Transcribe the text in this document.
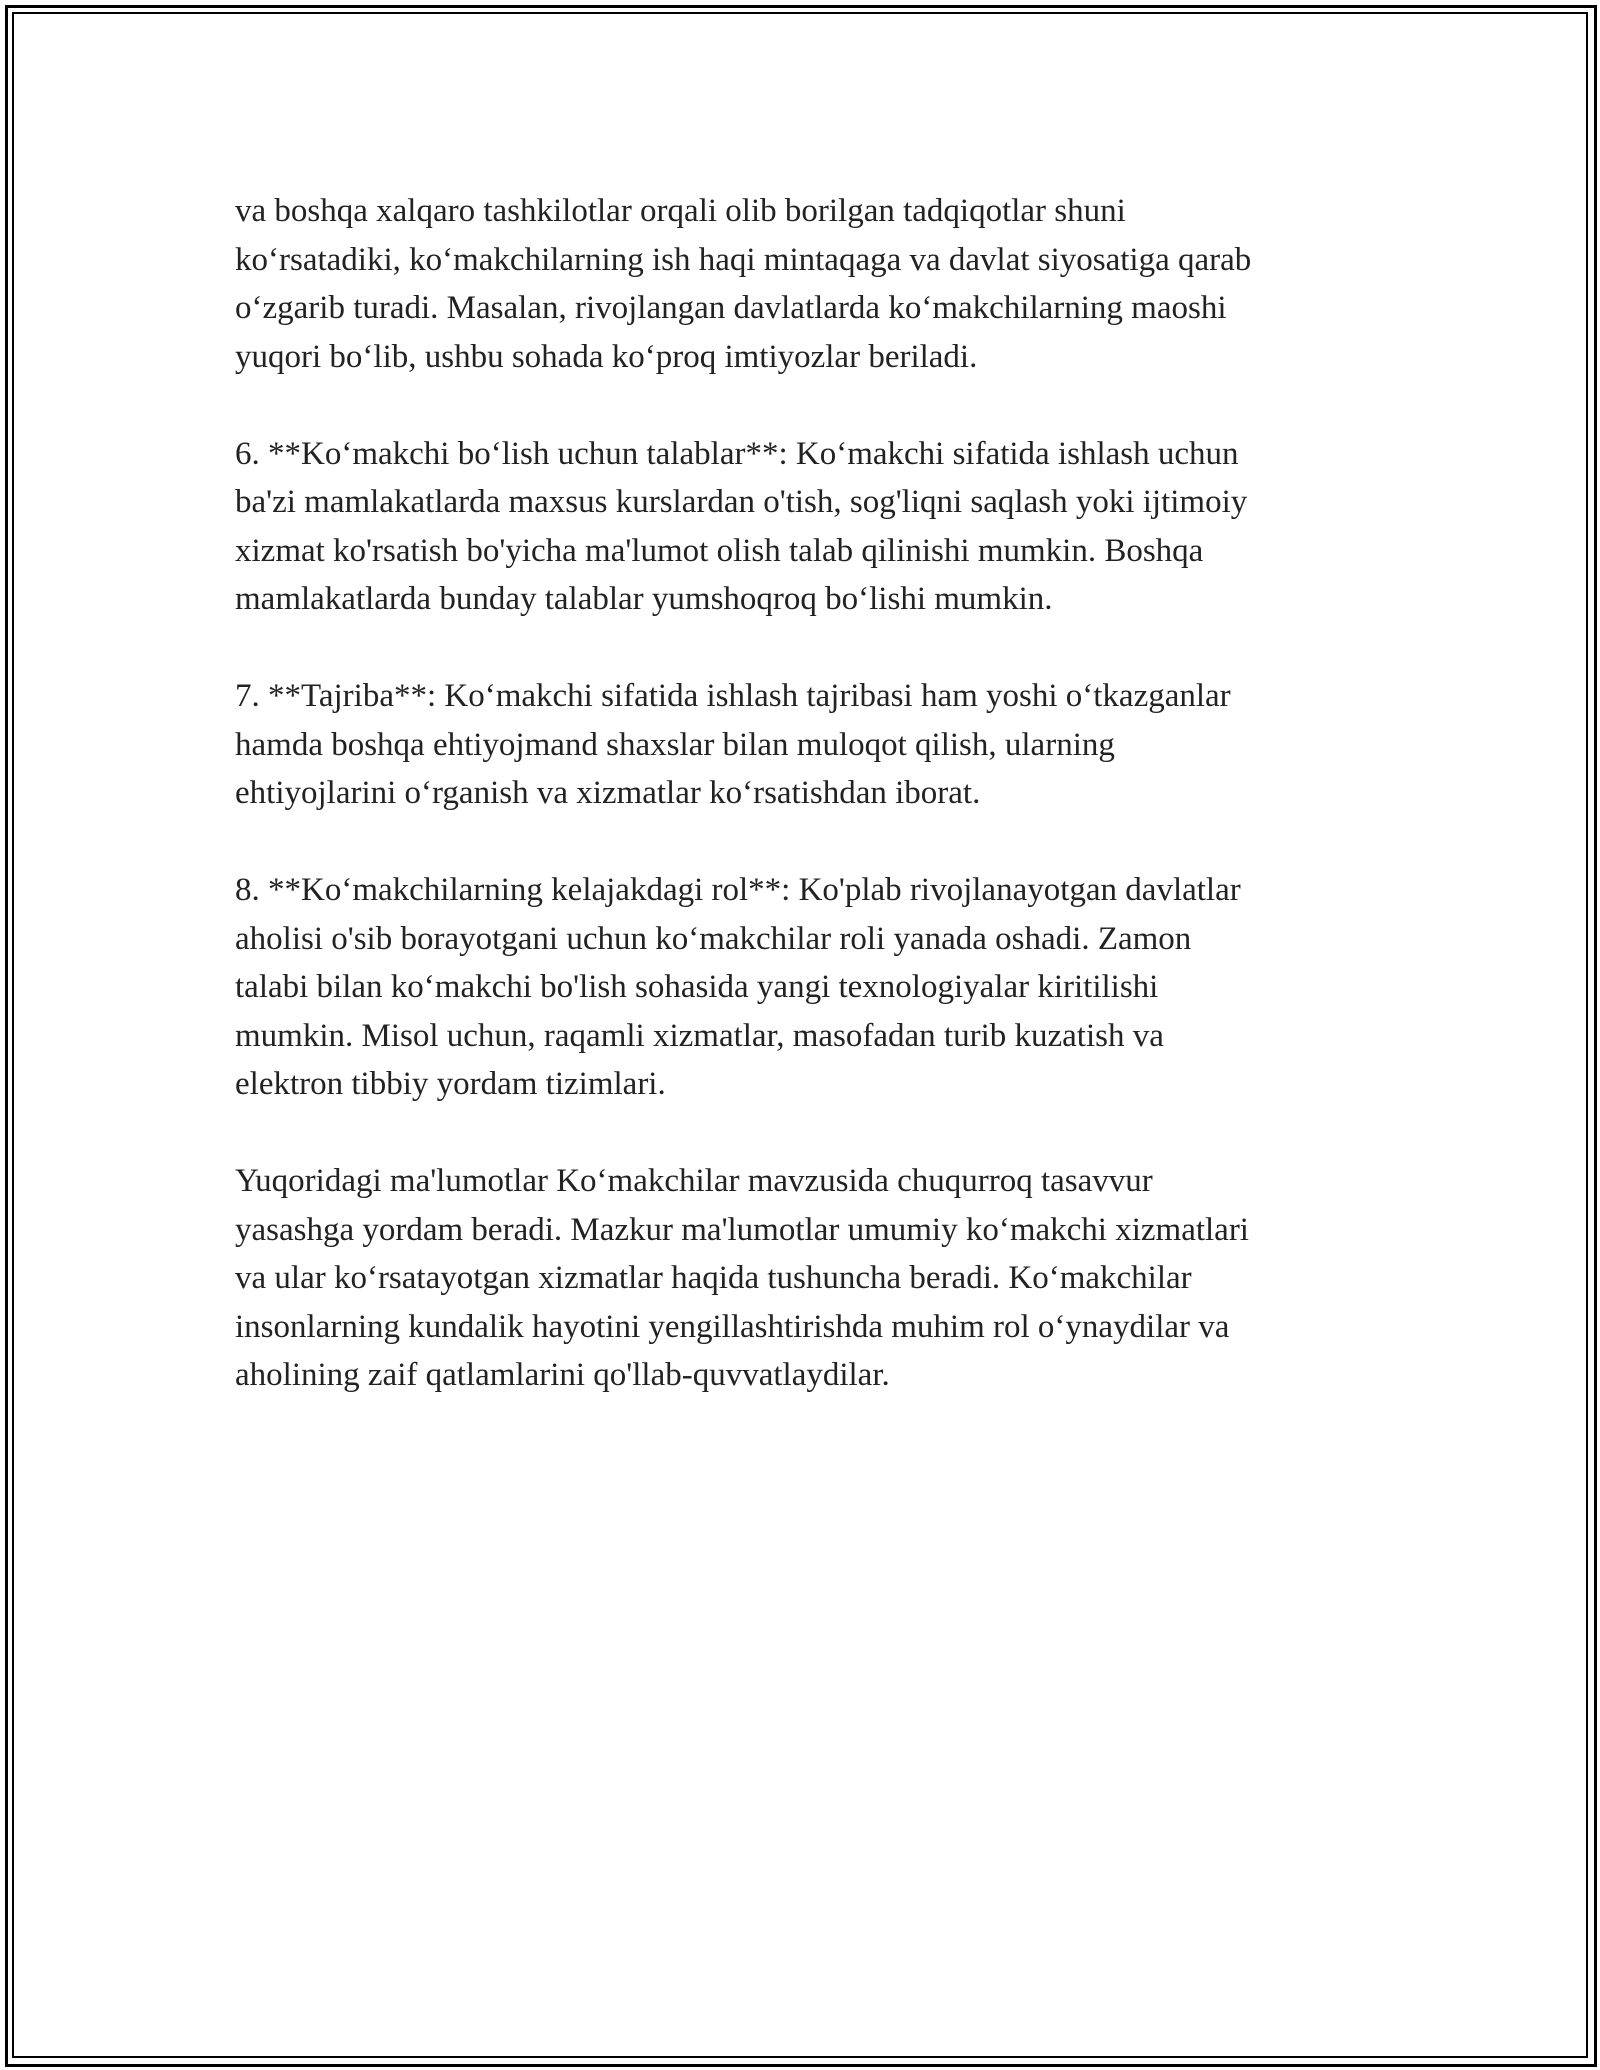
va boshqa xalqaro tashkilotlar orqali olib borilgan tadqiqotlar shuni
ko‘rsatadiki, ko‘makchilarning ish haqi mintaqaga va davlat siyosatiga qarab
o‘zgarib turadi. Masalan, rivojlangan davlatlarda ko‘makchilarning maoshi
yuqori bo‘lib, ushbu sohada ko‘proq imtiyozlar beriladi.

6. **Ko‘makchi bo‘lish uchun talablar**: Ko‘makchi sifatida ishlash uchun
ba'zi mamlakatlarda maxsus kurslardan o'tish, sog'liqni saqlash yoki ijtimoiy
xizmat ko'rsatish bo'yicha ma'lumot olish talab qilinishi mumkin. Boshqa
mamlakatlarda bunday talablar yumshoqroq bo‘lishi mumkin.

7. **Tajriba**: Ko‘makchi sifatida ishlash tajribasi ham yoshi o‘tkazganlar
hamda boshqa ehtiyojmand shaxslar bilan muloqot qilish, ularning
ehtiyojlarini o‘rganish va xizmatlar ko‘rsatishdan iborat.

8. **Ko‘makchilarning kelajakdagi rol**: Ko'plab rivojlanayotgan davlatlar
aholisi o'sib borayotgani uchun ko‘makchilar roli yanada oshadi. Zamon
talabi bilan ko‘makchi bo'lish sohasida yangi texnologiyalar kiritilishi
mumkin. Misol uchun, raqamli xizmatlar, masofadan turib kuzatish va
elektron tibbiy yordam tizimlari.

Yuqoridagi ma'lumotlar Ko‘makchilar mavzusida chuqurroq tasavvur
yasashga yordam beradi. Mazkur ma'lumotlar umumiy ko‘makchi xizmatlari
va ular ko‘rsatayotgan xizmatlar haqida tushuncha beradi. Ko‘makchilar
insonlarning kundalik hayotini yengillashtirishda muhim rol o‘ynaydilar va
aholining zaif qatlamlarini qo'llab-quvvatlaydilar.
